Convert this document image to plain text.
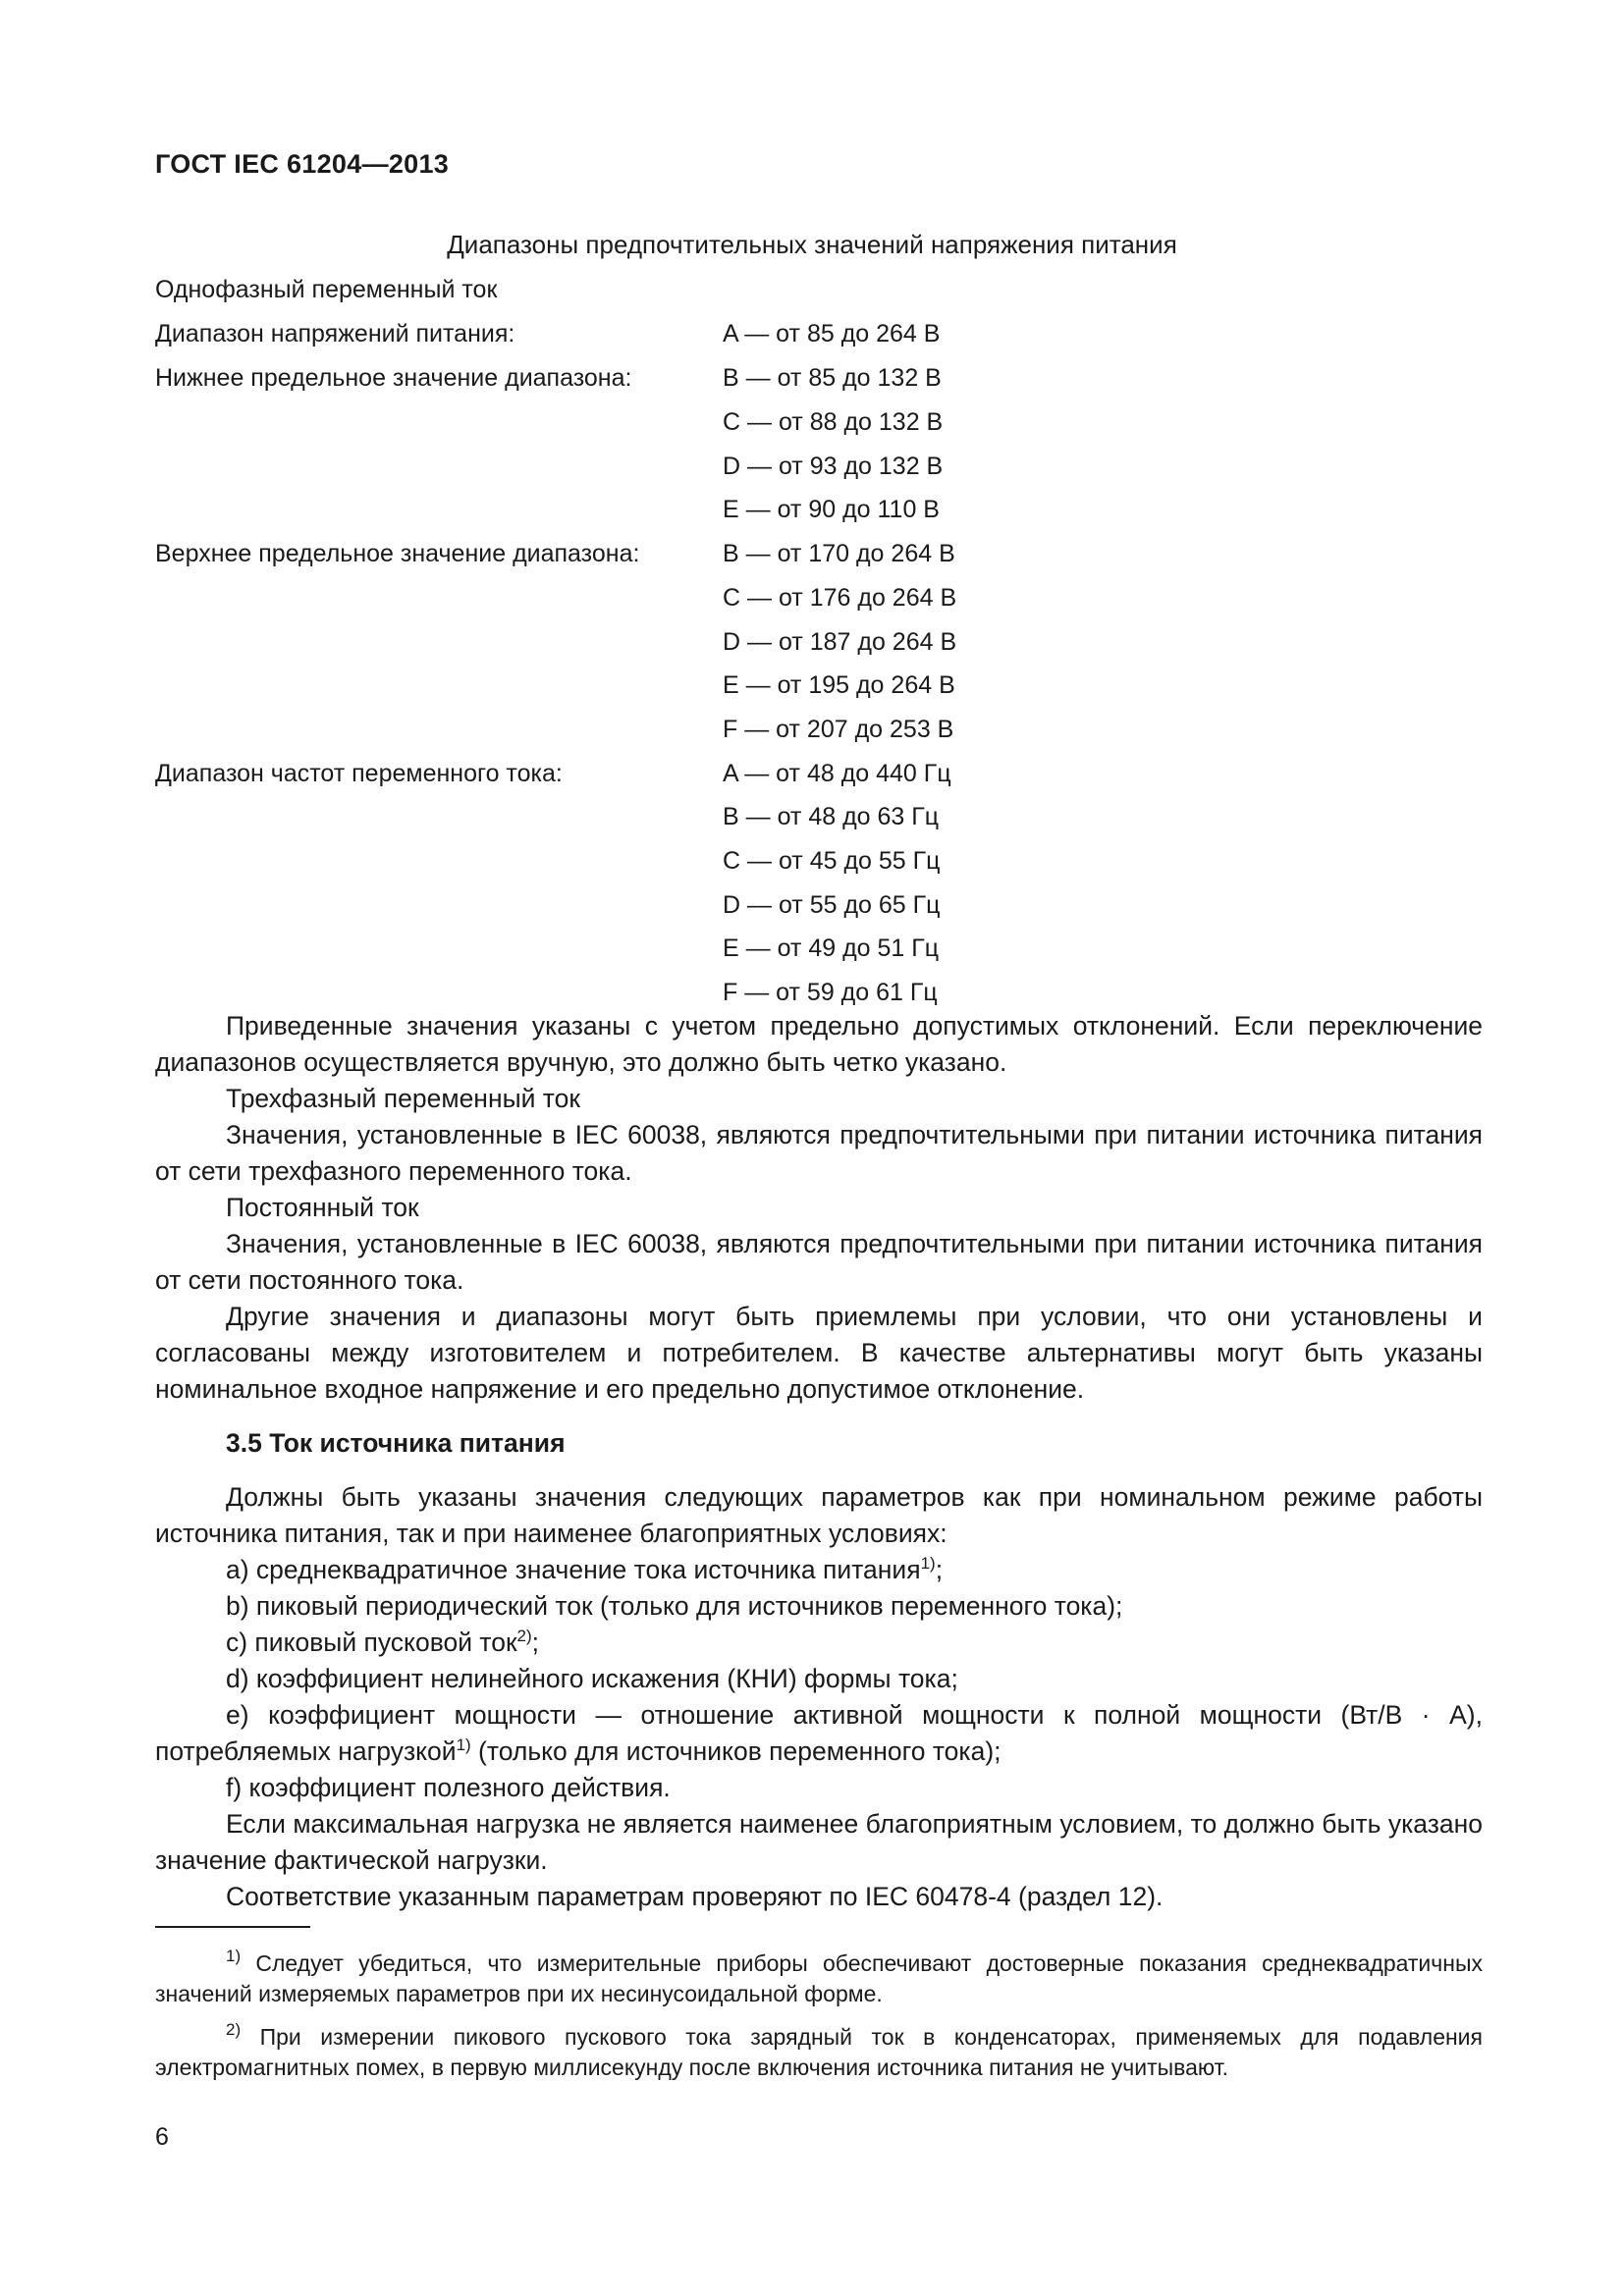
ГОСТ IEC 61204—2013
Диапазоны предпочтительных значений напряжения питания
Однофазный переменный ток
Диапазон напряжений питания:	A — от 85 до 264 В
Нижнее предельное значение диапазона:	B — от 85 до 132 В
C — от 88 до 132 В
D — от 93 до 132 В
E — от 90 до 110 В
Верхнее предельное значение диапазона:	B — от 170 до 264 В
C — от 176 до 264 В
D — от 187 до 264 В
E — от 195 до 264 В
F — от 207 до 253 В
Диапазон частот переменного тока:	A — от 48 до 440 Гц
B — от 48 до 63 Гц
C — от 45 до 55 Гц
D — от 55 до 65 Гц
E — от 49 до 51 Гц
F — от 59 до 61 Гц

Приведенные значения указаны с учетом предельно допустимых отклонений. Если переключение диапазонов осуществляется вручную, это должно быть четко указано.

Трехфазный переменный ток

Значения, установленные в IEC 60038, являются предпочтительными при питании источника питания от сети трехфазного переменного тока.

Постоянный ток

Значения, установленные в IEC 60038, являются предпочтительными при питании источника питания от сети постоянного тока.

Другие значения и диапазоны могут быть приемлемы при условии, что они установлены и согласованы между изготовителем и потребителем. В качестве альтернативы могут быть указаны номинальное входное напряжение и его предельно допустимое отклонение.

3.5 Ток источника питания

Должны быть указаны значения следующих параметров как при номинальном режиме работы источника питания, так и при наименее благоприятных условиях:

a) среднеквадратичное значение тока источника питания$^{1)}$;

b) пиковый периодический ток (только для источников переменного тока);

c) пиковый пусковой ток$^{2)}$;

d) коэффициент нелинейного искажения (КНИ) формы тока;

e) коэффициент мощности — отношение активной мощности к полной мощности (Вт/В · А), потребляемых нагрузкой$^{1)}$ (только для источников переменного тока);

f) коэффициент полезного действия.

Если максимальная нагрузка не является наименее благоприятным условием, то должно быть указано значение фактической нагрузки.

Соответствие указанным параметрам проверяют по IEC 60478-4 (раздел 12).

$^{1)}$ Следует убедиться, что измерительные приборы обеспечивают достоверные показания среднеквадратичных значений измеряемых параметров при их несинусоидальной форме.

$^{2)}$ При измерении пикового пускового тока зарядный ток в конденсаторах, применяемых для подавления электромагнитных помех, в первую миллисекунду после включения источника питания не учитывают.

6
